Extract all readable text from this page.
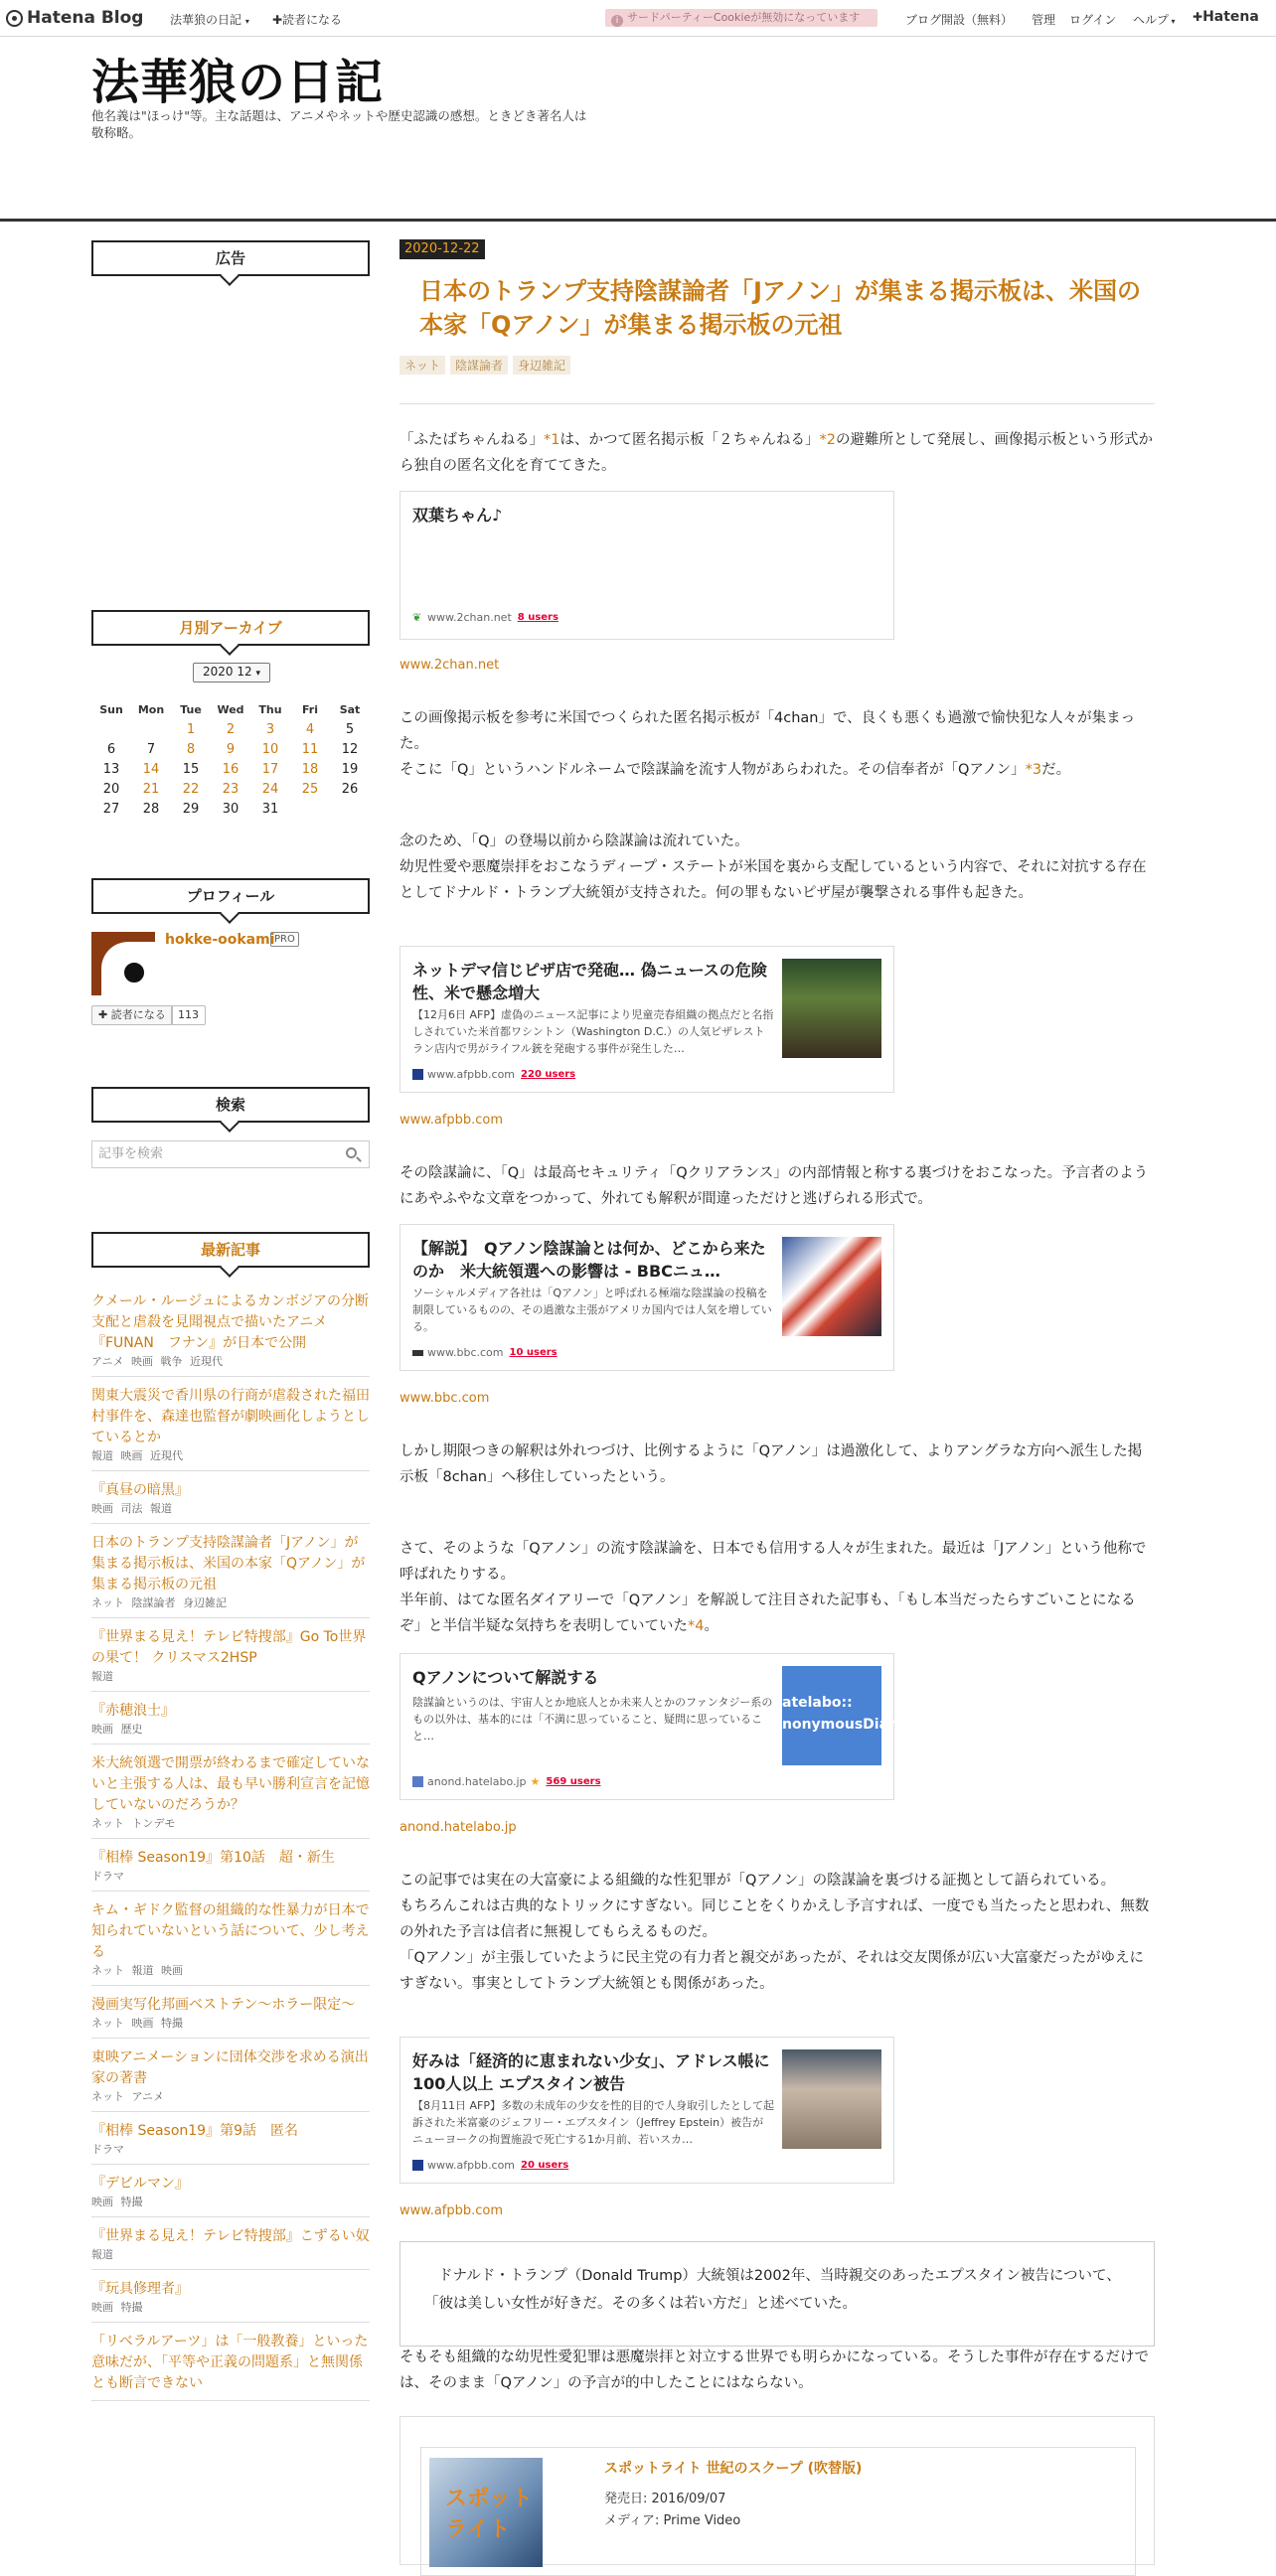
Hatena Blog 法華狼の日記 ▾ ✚読者になる	i サードパーティーCookieが無効になっています	ブログ開設（無料） 管理 ログイン ヘルプ ▾ ✚Hatena
法華狼の日記
他名義は"ほっけ"等。主な話題は、アニメやネットや歴史認識の感想。ときどき著名人は敬称略。
広告
月別アーカイブ
2020 12 ▾
Sun	Mon	Tue	Wed	Thu	Fri	Sat
		1	2	3	4	5
6	7	8	9	10	11	12
13	14	15	16	17	18	19
20	21	22	23	24	25	26
27	28	29	30	31		
プロフィール
hokke-ookami PRO
✚ 読者になる	113
検索
記事を検索
最新記事
クメール・ルージュによるカンボジアの分断支配と虐殺を見聞視点で描いたアニメ『FUNAN　フナン』が日本で公開
アニメ 映画 戦争 近現代
関東大震災で香川県の行商が虐殺された福田村事件を、森達也監督が劇映画化しようとしているとか
報道 映画 近現代
『真昼の暗黒』
映画 司法 報道
日本のトランプ支持陰謀論者「Jアノン」が集まる掲示板は、米国の本家「Qアノン」が集まる掲示板の元祖
ネット 陰謀論者 身辺雑記
『世界まる見え！テレビ特捜部』Go To世界の果て！ クリスマス2HSP
報道
『赤穂浪士』
映画 歴史
米大統領選で開票が終わるまで確定していないと主張する人は、最も早い勝利宣言を記憶していないのだろうか？
ネット トンデモ
『相棒 Season19』第10話　超・新生
ドラマ
キム・ギドク監督の組織的な性暴力が日本で知られていないという話について、少し考える
ネット 報道 映画
漫画実写化邦画ベストテン～ホラー限定～
ネット 映画 特撮
東映アニメーションに団体交渉を求める演出家の著書
ネット アニメ
『相棒 Season19』第9話　匿名
ドラマ
『デビルマン』
映画 特撮
『世界まる見え！テレビ特捜部』こずるい奴
報道
『玩具修理者』
映画 特撮
「リベラルアーツ」は「一般教養」といった意味だが、「平等や正義の問題系」と無関係とも断言できない
2020-12-22
日本のトランプ支持陰謀論者「Jアノン」が集まる掲示板は、米国の本家「Qアノン」が集まる掲示板の元祖
ネット 陰謀論者 身辺雑記
「ふたばちゃんねる」*1は、かつて匿名掲示板「２ちゃんねる」*2の避難所として発展し、画像掲示板という形式から独自の匿名文化を育ててきた。
双葉ちゃん♪
❦ www.2chan.net 8 users
www.2chan.net
この画像掲示板を参考に米国でつくられた匿名掲示板が「4chan」で、良くも悪くも過激で愉快犯な人々が集まった。
そこに「Q」というハンドルネームで陰謀論を流す人物があらわれた。その信奉者が「Qアノン」*3だ。
念のため、「Q」の登場以前から陰謀論は流れていた。
幼児性愛や悪魔崇拝をおこなうディープ・ステートが米国を裏から支配しているという内容で、それに対抗する存在としてドナルド・トランプ大統領が支持された。何の罪もないピザ屋が襲撃される事件も起きた。
ネットデマ信じピザ店で発砲… 偽ニュースの危険性、米で懸念増大
【12月6日 AFP】虚偽のニュース記事により児童売春組織の拠点だと名指しされていた米首都ワシントン（Washington D.C.）の人気ピザレストラン店内で男がライフル銃を発砲する事件が発生した…
www.afpbb.com 220 users
www.afpbb.com
その陰謀論に、「Q」は最高セキュリティ「Qクリアランス」の内部情報と称する裏づけをおこなった。予言者のようにあやふやな文章をつかって、外れても解釈が間違っただけと逃げられる形式で。
【解説】　Qアノン陰謀論とは何か、どこから来たのか　米大統領選への影響は - BBCニュ…
ソーシャルメディア各社は「Qアノン」と呼ばれる極端な陰謀論の投稿を制限しているものの、その過激な主張がアメリカ国内では人気を増している。
www.bbc.com 10 users
www.bbc.com
しかし期限つきの解釈は外れつづけ、比例するように「Qアノン」は過激化して、よりアングラな方向へ派生した掲示板「8chan」へ移住していったという。
さて、そのような「Qアノン」の流す陰謀論を、日本でも信用する人々が生まれた。最近は「Jアノン」という他称で呼ばれたりする。
半年前、はてな匿名ダイアリーで「Qアノン」を解説して注目された記事も、「もし本当だったらすごいことになるぞ」と半信半疑な気持ちを表明していていた*4。
Qアノンについて解説する
陰謀論というのは、宇宙人とか地底人とか未来人とかのファンタジー系のもの以外は、基本的には「不満に思っていること、疑問に思っていること…
anond.hatelabo.jp ★ 569 users
atelabo::
nonymousDiar
anond.hatelabo.jp
この記事では実在の大富豪による組織的な性犯罪が「Qアノン」の陰謀論を裏づける証拠として語られている。
もちろんこれは古典的なトリックにすぎない。同じことをくりかえし予言すれば、一度でも当たったと思われ、無数の外れた予言は信者に無視してもらえるものだ。
「Qアノン」が主張していたように民主党の有力者と親交があったが、それは交友関係が広い大富豪だったがゆえにすぎない。事実としてトランプ大統領とも関係があった。
好みは「経済的に恵まれない少女」、アドレス帳に100人以上 エプスタイン被告
【8月11日 AFP】多数の未成年の少女を性的目的で人身取引したとして起訴された米富豪のジェフリー・エプスタイン（Jeffrey Epstein）被告がニューヨークの拘置施設で死亡する1か月前、若いスカ…
www.afpbb.com 20 users
www.afpbb.com
ドナルド・トランプ（Donald Trump）大統領は2002年、当時親交のあったエプスタイン被告について、「彼は美しい女性が好きだ。その多くは若い方だ」と述べていた。
そもそも組織的な幼児性愛犯罪は悪魔崇拝と対立する世界でも明らかになっている。そうした事件が存在するだけでは、そのまま「Qアノン」の予言が的中したことにはならない。
スポットライト
スポットライト 世紀のスクープ (吹替版)
発売日: 2016/09/07
メディア: Prime Video
